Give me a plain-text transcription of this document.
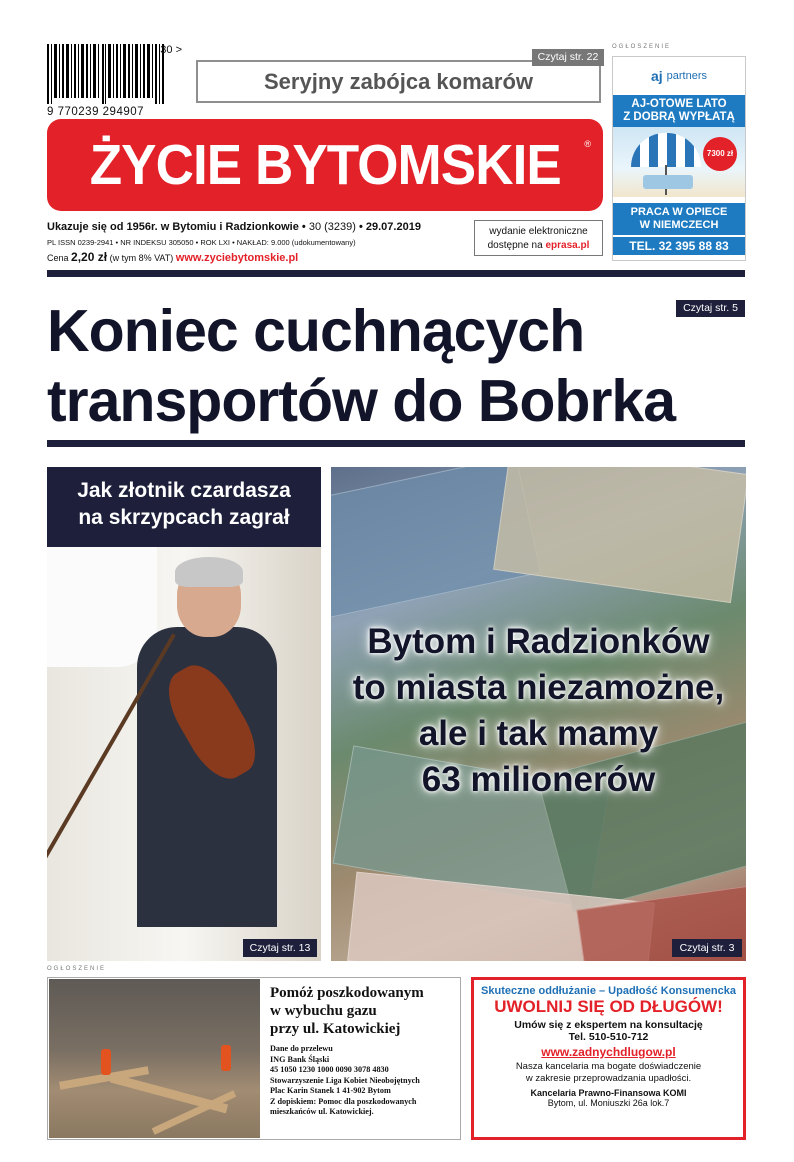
30 >
9 770239 294907
Seryjny zabójca komarów
Czytaj str. 22
ŻYCIE BYTOMSKIE	®
Ukazuje się od 1956r. w Bytomiu i Radzionkowie • 30 (3239) • 29.07.2019
PL ISSN 0239-2941 • NR INDEKSU 305050 • ROK LXI • NAKŁAD: 9.000 (udokumentowany)
Cena 2,20 zł (w tym 8% VAT) www.zyciebytomskie.pl
wydanie elektroniczne
dostępne na eprasa.pl
OGŁOSZENIE
aj partners
AJ-OTOWE LATO
Z DOBRĄ WYPŁATĄ
7300 zł
PRACA W OPIECE
W NIEMCZECH
TEL. 32 395 88 83
Czytaj str. 5
Koniec cuchnących
transportów do Bobrka
Jak złotnik czardasza
na skrzypcach zagrał
Czytaj str. 13
Bytom i Radzionków
to miasta niezamożne,
ale i tak mamy
63 milionerów
Czytaj str. 3
OGŁOSZENIE
Pomóż poszkodowanym
w wybuchu gazu
przy ul. Katowickiej
Dane do przelewu
ING Bank Śląski
45 1050 1230 1000 0090 3078 4830
Stowarzyszenie Liga Kobiet Nieobojętnych
Plac Karin Stanek 1 41-902 Bytom
Z dopiskiem: Pomoc dla poszkodowanych
mieszkańców ul. Katowickiej.
Skuteczne oddłużanie – Upadłość Konsumencka
UWOLNIJ SIĘ OD DŁUGÓW!
Umów się z ekspertem na konsultację
Tel. 510-510-712
www.zadnychdlugow.pl
Nasza kancelaria ma bogate doświadczenie
w zakresie przeprowadzania upadłości.
Kancelaria Prawno-Finansowa KOMI
Bytom, ul. Moniuszki 26a lok.7
